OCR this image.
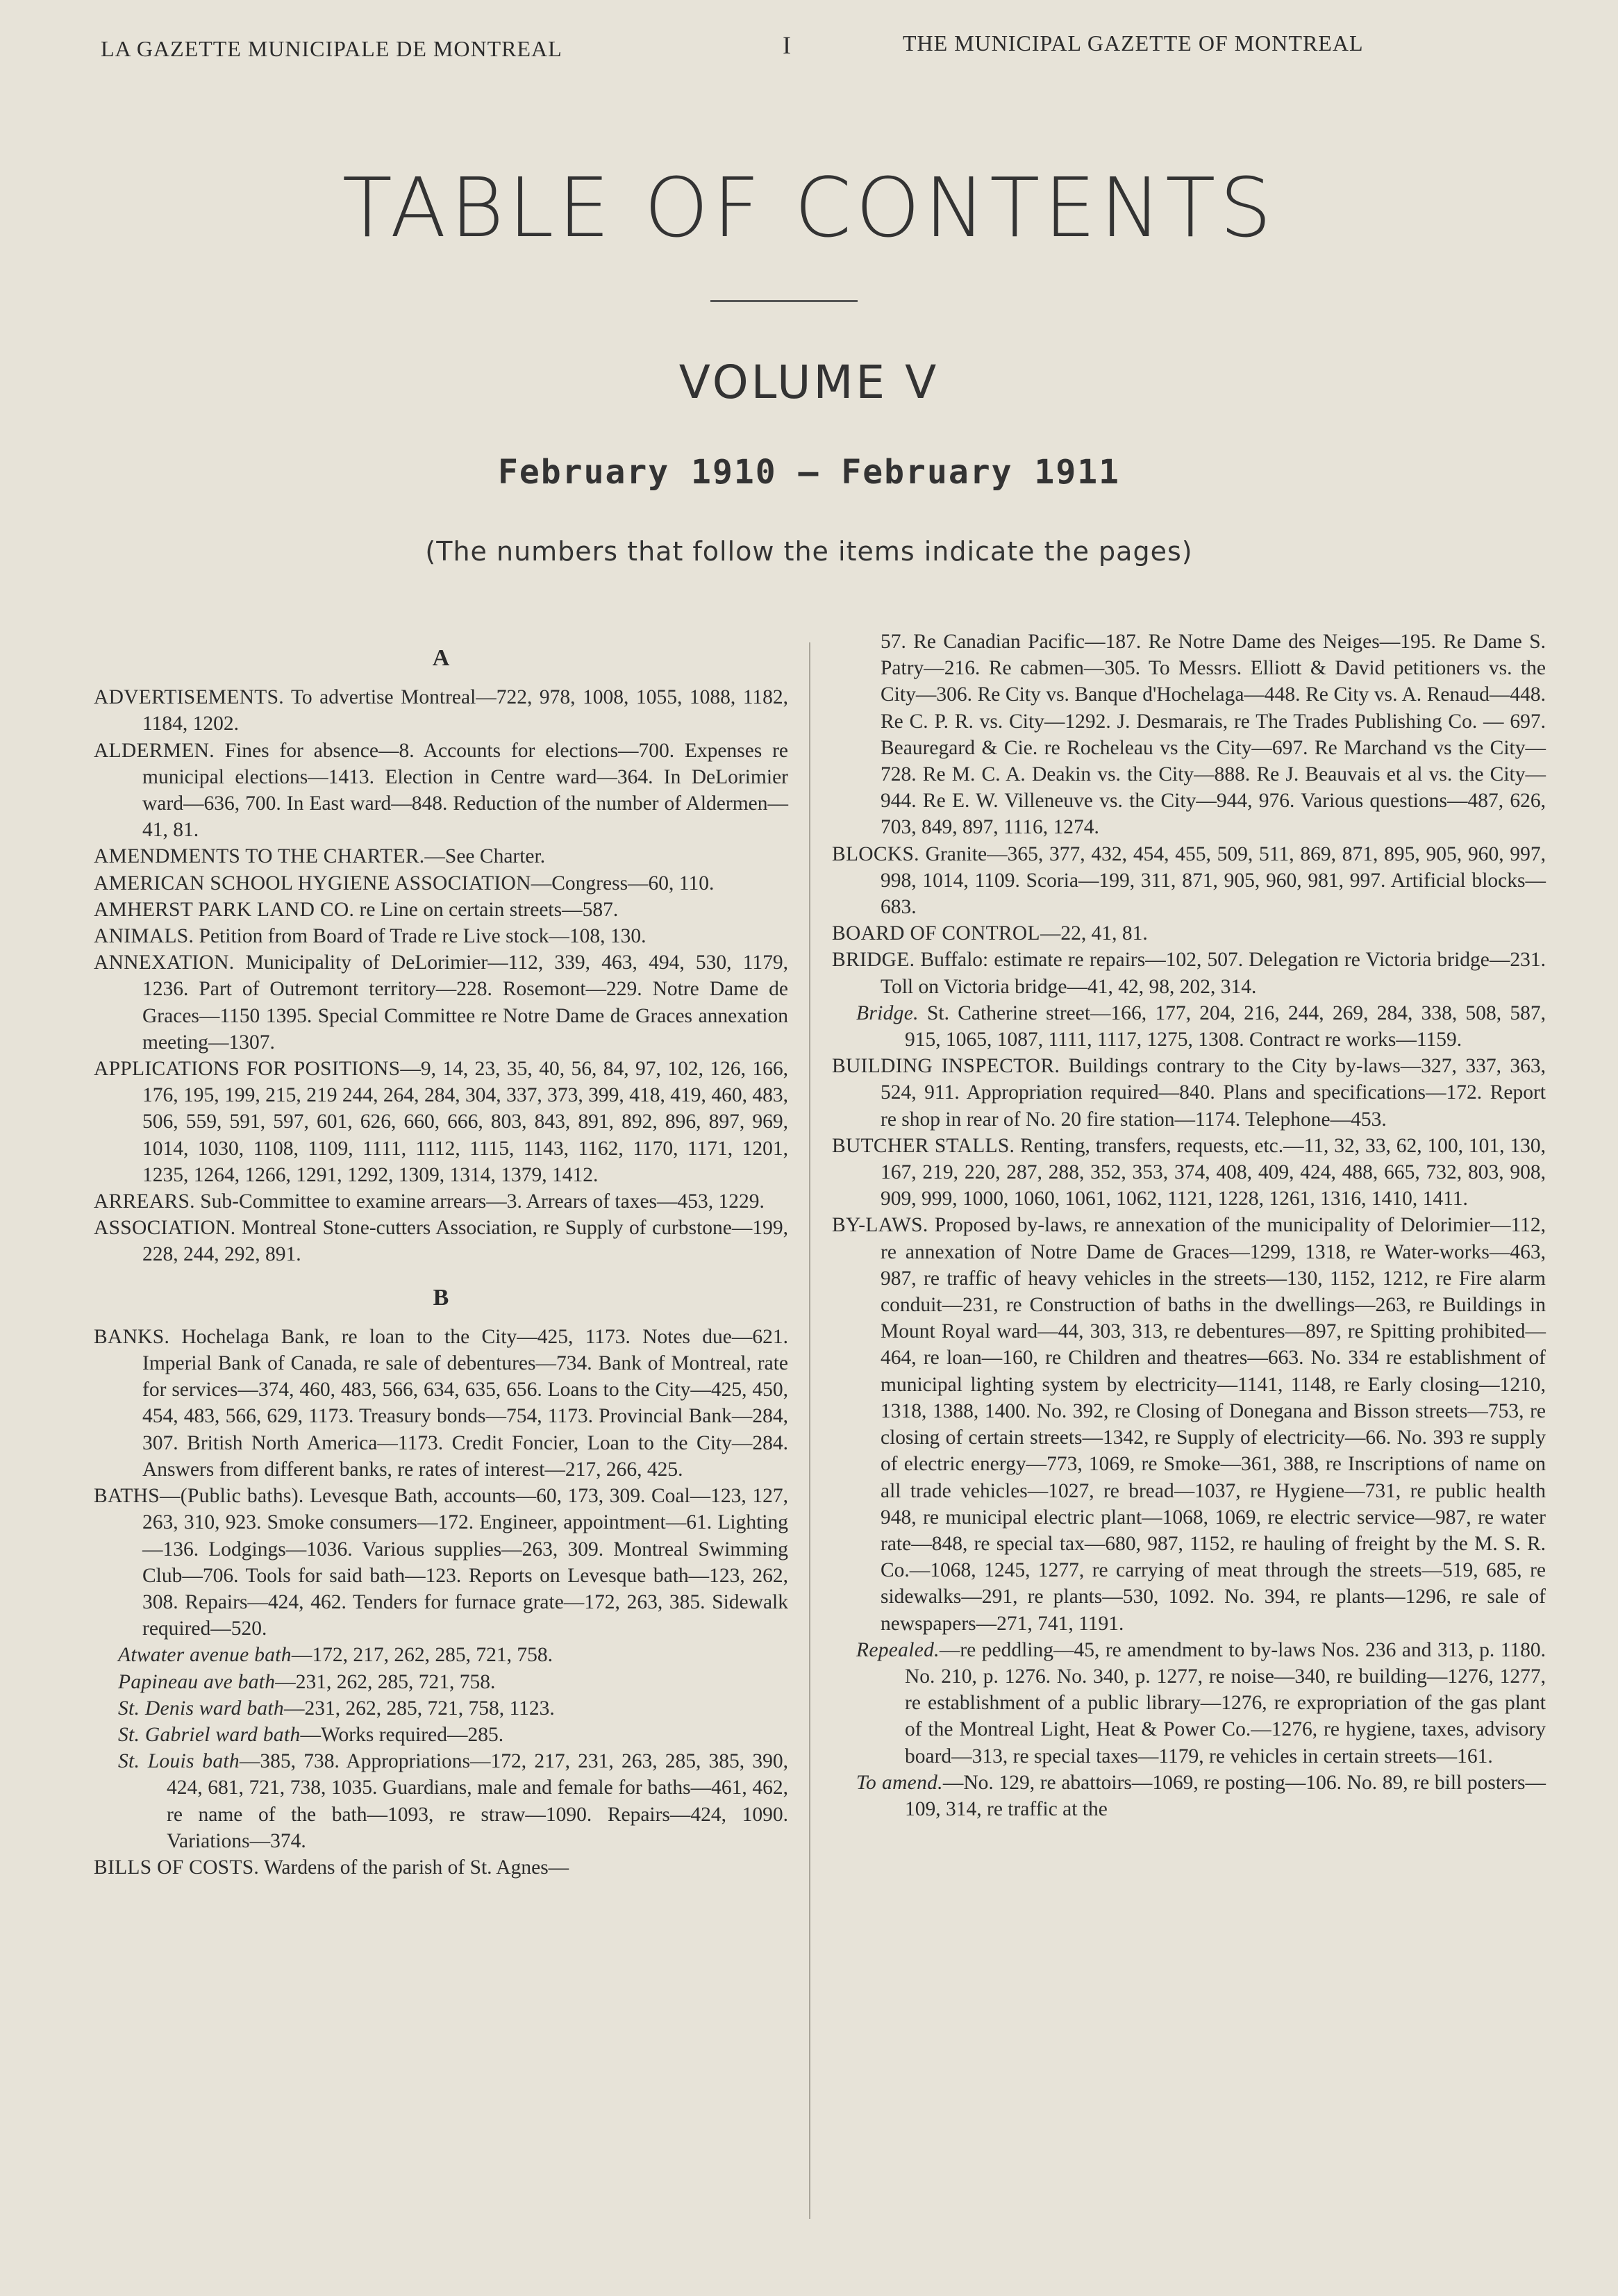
LA GAZETTE MUNICIPALE DE MONTREAL	I	THE MUNICIPAL GAZETTE OF MONTREAL
TABLE OF CONTENTS
VOLUME V
February 1910 — February 1911
(The numbers that follow the items indicate the pages)
A

ADVERTISEMENTS. To advertise Montreal—722, 978, 1008, 1055, 1088, 1182, 1184, 1202.

ALDERMEN. Fines for absence—8. Accounts for elections—700. Expenses re municipal elections—1413. Election in Centre ward—364. In DeLorimier ward—636, 700. In East ward—848. Reduction of the number of Aldermen—41, 81.

AMENDMENTS TO THE CHARTER.—See Charter.

AMERICAN SCHOOL HYGIENE ASSOCIATION—Congress—60, 110.

AMHERST PARK LAND CO. re Line on certain streets—587.

ANIMALS. Petition from Board of Trade re Live stock—108, 130.

ANNEXATION. Municipality of DeLorimier—112, 339, 463, 494, 530, 1179, 1236. Part of Outremont territory—228. Rosemont—229. Notre Dame de Graces—1150 1395. Special Committee re Notre Dame de Graces annexation meeting—1307.

APPLICATIONS FOR POSITIONS—9, 14, 23, 35, 40, 56, 84, 97, 102, 126, 166, 176, 195, 199, 215, 219 244, 264, 284, 304, 337, 373, 399, 418, 419, 460, 483, 506, 559, 591, 597, 601, 626, 660, 666, 803, 843, 891, 892, 896, 897, 969, 1014, 1030, 1108, 1109, 1111, 1112, 1115, 1143, 1162, 1170, 1171, 1201, 1235, 1264, 1266, 1291, 1292, 1309, 1314, 1379, 1412.

ARREARS. Sub-Committee to examine arrears—3. Arrears of taxes—453, 1229.

ASSOCIATION. Montreal Stone-cutters Association, re Supply of curbstone—199, 228, 244, 292, 891.

B

BANKS. Hochelaga Bank, re loan to the City—425, 1173. Notes due—621. Imperial Bank of Canada, re sale of debentures—734. Bank of Montreal, rate for services—374, 460, 483, 566, 634, 635, 656. Loans to the City—425, 450, 454, 483, 566, 629, 1173. Treasury bonds—754, 1173. Provincial Bank—284, 307. British North America—1173. Credit Foncier, Loan to the City—284. Answers from different banks, re rates of interest—217, 266, 425.

BATHS—(Public baths). Levesque Bath, accounts—60, 173, 309. Coal—123, 127, 263, 310, 923. Smoke consumers—172. Engineer, appointment—61. Lighting—136. Lodgings—1036. Various supplies—263, 309. Montreal Swimming Club—706. Tools for said bath—123. Reports on Levesque bath—123, 262, 308. Repairs—424, 462. Tenders for furnace grate—172, 263, 385. Sidewalk required—520.

Atwater avenue bath—172, 217, 262, 285, 721, 758.

Papineau ave bath—231, 262, 285, 721, 758.

St. Denis ward bath—231, 262, 285, 721, 758, 1123.

St. Gabriel ward bath—Works required—285.

St. Louis bath—385, 738. Appropriations—172, 217, 231, 263, 285, 385, 390, 424, 681, 721, 738, 1035. Guardians, male and female for baths—461, 462, re name of the bath—1093, re straw—1090. Repairs—424, 1090. Variations—374.

BILLS OF COSTS. Wardens of the parish of St. Agnes—

57. Re Canadian Pacific—187. Re Notre Dame des Neiges—195. Re Dame S. Patry—216. Re cabmen—305. To Messrs. Elliott & David petitioners vs. the City—306. Re City vs. Banque d'Hochelaga—448. Re City vs. A. Renaud—448. Re C. P. R. vs. City—1292. J. Desmarais, re The Trades Publishing Co. — 697. Beauregard & Cie. re Rocheleau vs the City—697. Re Marchand vs the City—728. Re M. C. A. Deakin vs. the City—888. Re J. Beauvais et al vs. the City—944. Re E. W. Villeneuve vs. the City—944, 976. Various questions—487, 626, 703, 849, 897, 1116, 1274.

BLOCKS. Granite—365, 377, 432, 454, 455, 509, 511, 869, 871, 895, 905, 960, 997, 998, 1014, 1109. Scoria—199, 311, 871, 905, 960, 981, 997. Artificial blocks—683.

BOARD OF CONTROL—22, 41, 81.

BRIDGE. Buffalo: estimate re repairs—102, 507. Delegation re Victoria bridge—231. Toll on Victoria bridge—41, 42, 98, 202, 314.

Bridge. St. Catherine street—166, 177, 204, 216, 244, 269, 284, 338, 508, 587, 915, 1065, 1087, 1111, 1117, 1275, 1308. Contract re works—1159.

BUILDING INSPECTOR. Buildings contrary to the City by-laws—327, 337, 363, 524, 911. Appropriation required—840. Plans and specifications—172. Report re shop in rear of No. 20 fire station—1174. Telephone—453.

BUTCHER STALLS. Renting, transfers, requests, etc.—11, 32, 33, 62, 100, 101, 130, 167, 219, 220, 287, 288, 352, 353, 374, 408, 409, 424, 488, 665, 732, 803, 908, 909, 999, 1000, 1060, 1061, 1062, 1121, 1228, 1261, 1316, 1410, 1411.

BY-LAWS. Proposed by-laws, re annexation of the municipality of Delorimier—112, re annexation of Notre Dame de Graces—1299, 1318, re Water-works—463, 987, re traffic of heavy vehicles in the streets—130, 1152, 1212, re Fire alarm conduit—231, re Construction of baths in the dwellings—263, re Buildings in Mount Royal ward—44, 303, 313, re debentures—897, re Spitting prohibited—464, re loan—160, re Children and theatres—663. No. 334 re establishment of municipal lighting system by electricity—1141, 1148, re Early closing—1210, 1318, 1388, 1400. No. 392, re Closing of Donegana and Bisson streets—753, re closing of certain streets—1342, re Supply of electricity—66. No. 393 re supply of electric energy—773, 1069, re Smoke—361, 388, re Inscriptions of name on all trade vehicles—1027, re bread—1037, re Hygiene—731, re public health 948, re municipal electric plant—1068, 1069, re electric service—987, re water rate—848, re special tax—680, 987, 1152, re hauling of freight by the M. S. R. Co.—1068, 1245, 1277, re carrying of meat through the streets—519, 685, re sidewalks—291, re plants—530, 1092. No. 394, re plants—1296, re sale of newspapers—271, 741, 1191.

Repealed.—re peddling—45, re amendment to by-laws Nos. 236 and 313, p. 1180. No. 210, p. 1276. No. 340, p. 1277, re noise—340, re building—1276, 1277, re establishment of a public library—1276, re expropriation of the gas plant of the Montreal Light, Heat & Power Co.—1276, re hygiene, taxes, advisory board—313, re special taxes—1179, re vehicles in certain streets—161.

To amend.—No. 129, re abattoirs—1069, re posting—106. No. 89, re bill posters—109, 314, re traffic at the
